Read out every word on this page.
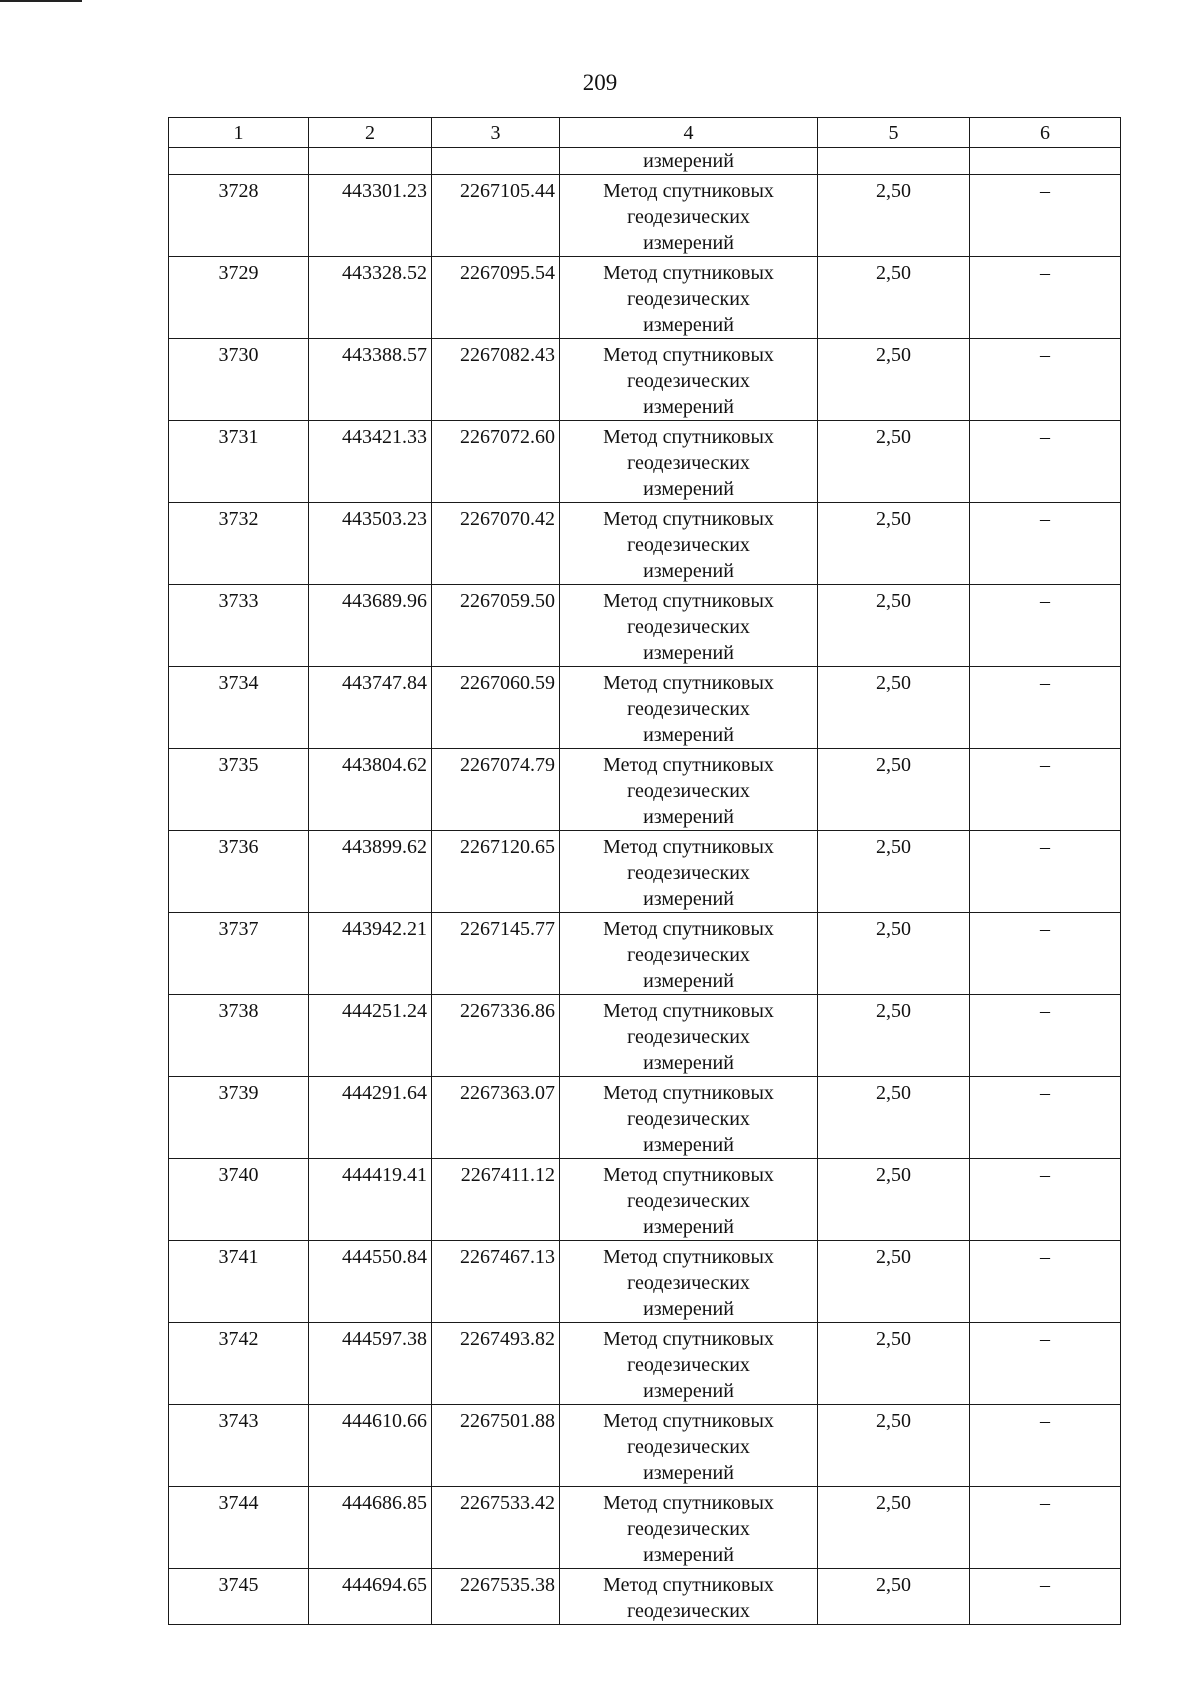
209
1	2	3	4	5	6
			измерений		
3728	443301.23	2267105.44	Метод спутниковых
геодезических
измерений	2,50	–
3729	443328.52	2267095.54	Метод спутниковых
геодезических
измерений	2,50	–
3730	443388.57	2267082.43	Метод спутниковых
геодезических
измерений	2,50	–
3731	443421.33	2267072.60	Метод спутниковых
геодезических
измерений	2,50	–
3732	443503.23	2267070.42	Метод спутниковых
геодезических
измерений	2,50	–
3733	443689.96	2267059.50	Метод спутниковых
геодезических
измерений	2,50	–
3734	443747.84	2267060.59	Метод спутниковых
геодезических
измерений	2,50	–
3735	443804.62	2267074.79	Метод спутниковых
геодезических
измерений	2,50	–
3736	443899.62	2267120.65	Метод спутниковых
геодезических
измерений	2,50	–
3737	443942.21	2267145.77	Метод спутниковых
геодезических
измерений	2,50	–
3738	444251.24	2267336.86	Метод спутниковых
геодезических
измерений	2,50	–
3739	444291.64	2267363.07	Метод спутниковых
геодезических
измерений	2,50	–
3740	444419.41	2267411.12	Метод спутниковых
геодезических
измерений	2,50	–
3741	444550.84	2267467.13	Метод спутниковых
геодезических
измерений	2,50	–
3742	444597.38	2267493.82	Метод спутниковых
геодезических
измерений	2,50	–
3743	444610.66	2267501.88	Метод спутниковых
геодезических
измерений	2,50	–
3744	444686.85	2267533.42	Метод спутниковых
геодезических
измерений	2,50	–
3745	444694.65	2267535.38	Метод спутниковых
геодезических	2,50	–
